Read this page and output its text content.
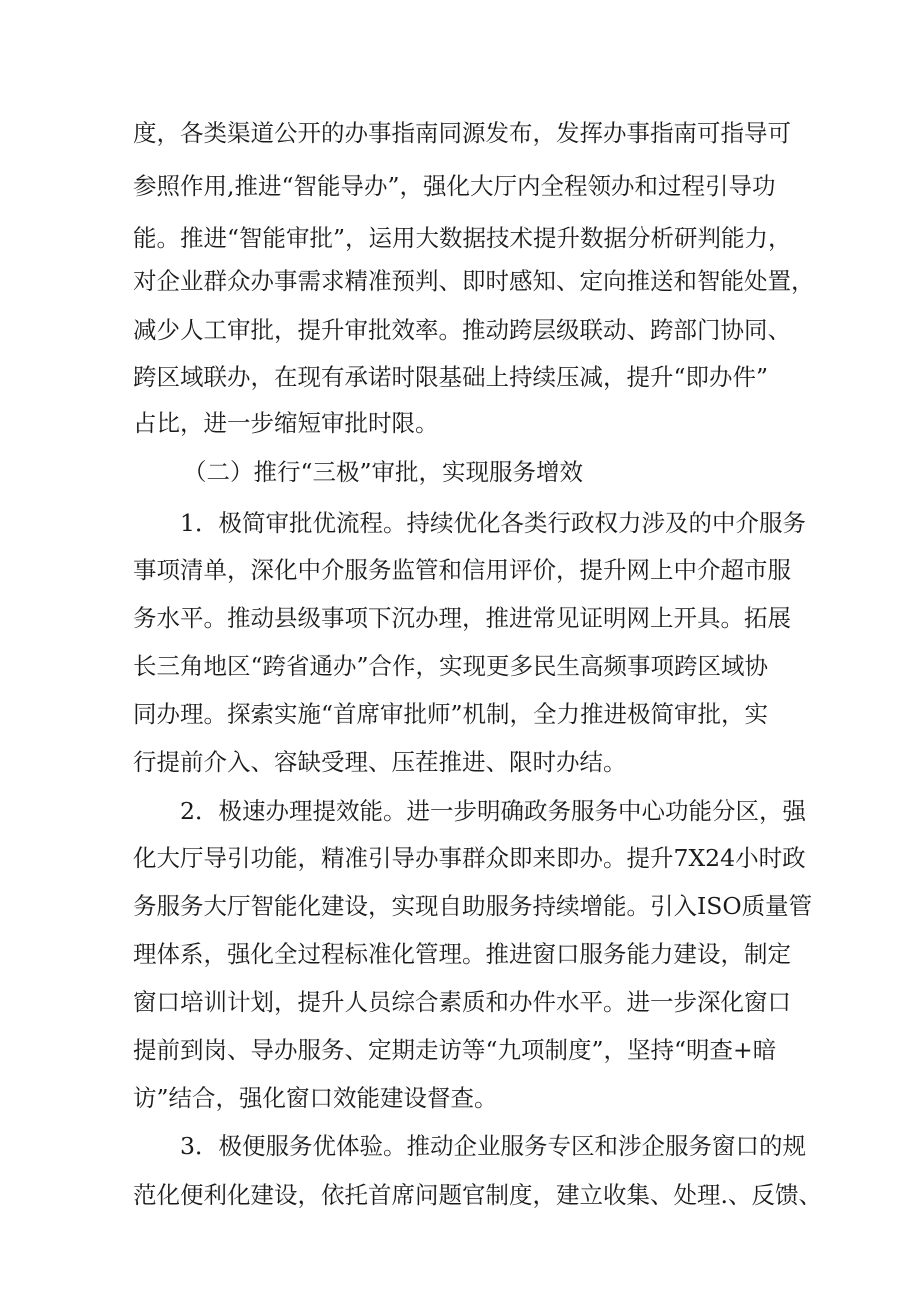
度，各类渠道公开的办事指南同源发布，发挥办事指南可指导可
参照作用,推进“智能导办”，强化大厅内全程领办和过程引导功
能。推进“智能审批”，运用大数据技术提升数据分析研判能力，
对企业群众办事需求精准预判、即时感知、定向推送和智能处置，
减少人工审批，提升审批效率。推动跨层级联动、跨部门协同、
跨区域联办，在现有承诺时限基础上持续压减，提升“即办件”
占比，进一步缩短审批时限。
（二）推行“三极”审批，实现服务增效
1．极简审批优流程。持续优化各类行政权力涉及的中介服务
事项清单，深化中介服务监管和信用评价，提升网上中介超市服
务水平。推动县级事项下沉办理，推进常见证明网上开具。拓展
长三角地区“跨省通办”合作，实现更多民生高频事项跨区域协
同办理。探索实施“首席审批师”机制，全力推进极简审批，实
行提前介入、容缺受理、压茬推进、限时办结。
2．极速办理提效能。进一步明确政务服务中心功能分区，强
化大厅导引功能，精准引导办事群众即来即办。提升7X24小时政
务服务大厅智能化建设，实现自助服务持续增能。引入ISO质量管
理体系，强化全过程标准化管理。推进窗口服务能力建设，制定
窗口培训计划，提升人员综合素质和办件水平。进一步深化窗口
提前到岗、导办服务、定期走访等“九项制度”，坚持“明查+暗
访”结合，强化窗口效能建设督查。
3．极便服务优体验。推动企业服务专区和涉企服务窗口的规
范化便利化建设，依托首席问题官制度，建立收集、处理.、反馈、
